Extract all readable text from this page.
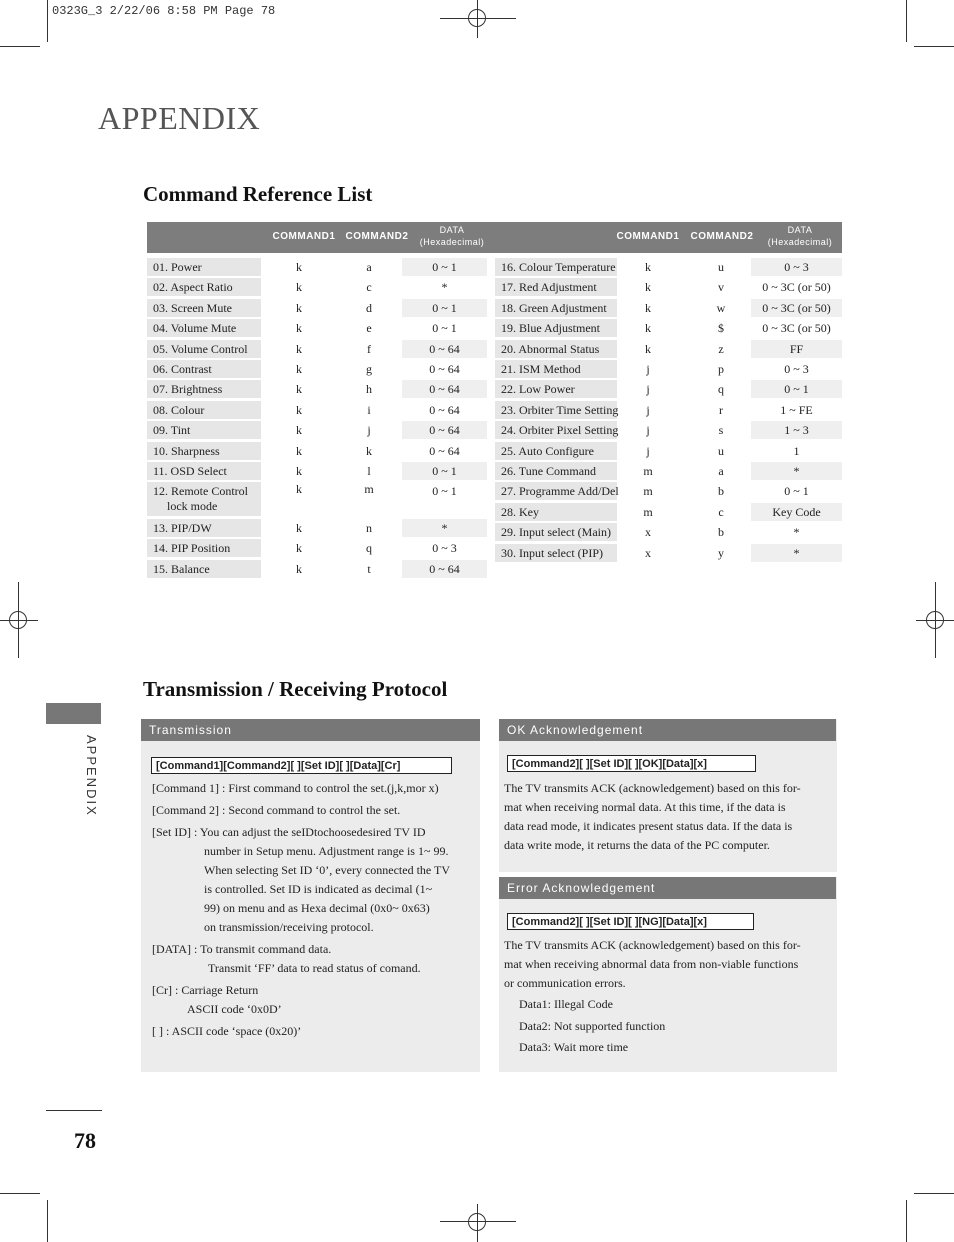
0323G_3 2/22/06 8:58 PM Page 78
APPENDIX
Command Reference List
COMMAND1	COMMAND2
DATA
(Hexadecimal)	COMMAND1	COMMAND2
DATA
(Hexadecimal)
01. Power	k	a	0 ~ 1
02. Aspect Ratio	k	c	*
03. Screen Mute	k	d	0 ~ 1
04. Volume Mute	k	e	0 ~ 1
05. Volume Control	k	f	0 ~ 64
06. Contrast	k	g	0 ~ 64
07. Brightness	k	h	0 ~ 64
08. Colour	k	i	0 ~ 64
09. Tint	k	j	0 ~ 64
10. Sharpness	k	k	0 ~ 64
11. OSD Select	k	l	0 ~ 1
12. Remote Control
lock mode
k	m	0 ~ 1
13. PIP/DW	k	n	*
14. PIP Position	k	q	0 ~ 3
15. Balance	k	t	0 ~ 64
16. Colour Temperature	k	u	0 ~ 3
17. Red Adjustment	k	v	0 ~ 3C (or 50)
18. Green Adjustment	k	w	0 ~ 3C (or 50)
19. Blue Adjustment	k	$	0 ~ 3C (or 50)
20. Abnormal Status	k	z	FF
21. ISM Method	j	p	0 ~ 3
22. Low Power	j	q	0 ~ 1
23. Orbiter Time Setting	j	r	1 ~ FE
24. Orbiter Pixel Setting	j	s	1 ~ 3
25. Auto Configure	j	u	1
26. Tune Command	m	a	*
27. Programme Add/Del	m	b	0 ~ 1
28. Key	m	c	Key Code
29. Input select (Main)	x	b	*
30. Input select (PIP)	x	y	*
Transmission / Receiving Protocol
Transmission
[Command1][Command2][ ][Set ID][ ][Data][Cr]
[Command 1] : First command to control the set.(j,k,mor x)
[Command 2] : Second command to control the set.
[Set ID] : You can adjust the seIDtochoosedesired TV ID
number in Setup menu. Adjustment range is 1~ 99.
When selecting Set ID ‘0’, every connected the TV
is controlled. Set ID is indicated as decimal (1~
99) on menu and as Hexa decimal (0x0~ 0x63)
on transmission/receiving protocol.
[DATA] : To transmit command data.
Transmit ‘FF’ data to read status of comand.
[Cr] : Carriage Return
ASCII code ‘0x0D’
[ ] : ASCII code ‘space (0x20)’
OK Acknowledgement
[Command2][ ][Set ID][ ][OK][Data][x]
The TV transmits ACK (acknowledgement) based on this for-
mat when receiving normal data. At this time, if the data is
data read mode, it indicates present status data. If the data is
data write mode, it returns the data of the PC computer.
Error Acknowledgement
[Command2][ ][Set ID][ ][NG][Data][x]
The TV transmits ACK (acknowledgement) based on this for-
mat when receiving abnormal data from non-viable functions
or communication errors.
Data1: Illegal Code
Data2: Not supported function
Data3: Wait more time
APPENDIX
78
